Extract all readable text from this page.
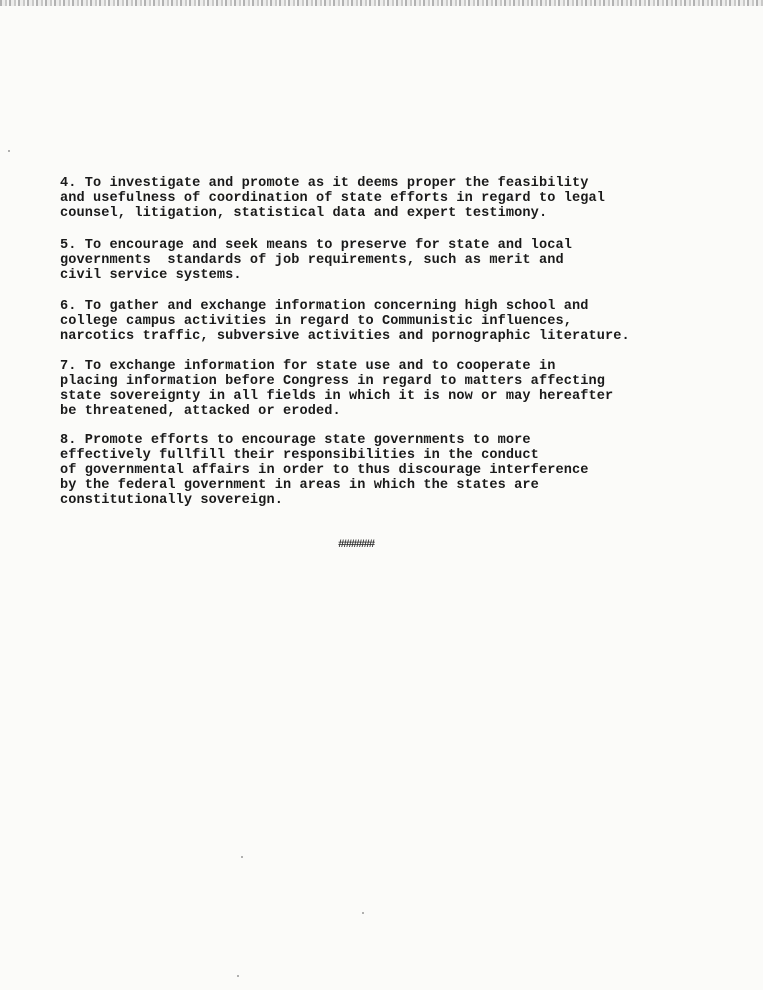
4. To investigate and promote as it deems proper the feasibility
and usefulness of coordination of state efforts in regard to legal
counsel, litigation, statistical data and expert testimony.

5. To encourage and seek means to preserve for state and local
governments  standards of job requirements, such as merit and
civil service systems.

6. To gather and exchange information concerning high school and
college campus activities in regard to Communistic influences,
narcotics traffic, subversive activities and pornographic literature.

7. To exchange information for state use and to cooperate in
placing information before Congress in regard to matters affecting
state sovereignty in all fields in which it is now or may hereafter
be threatened, attacked or eroded.

8. Promote efforts to encourage state governments to more
effectively fullfill their responsibilities in the conduct
of governmental affairs in order to thus discourage interference
by the federal government in areas in which the states are
constitutionally sovereign.

#######
